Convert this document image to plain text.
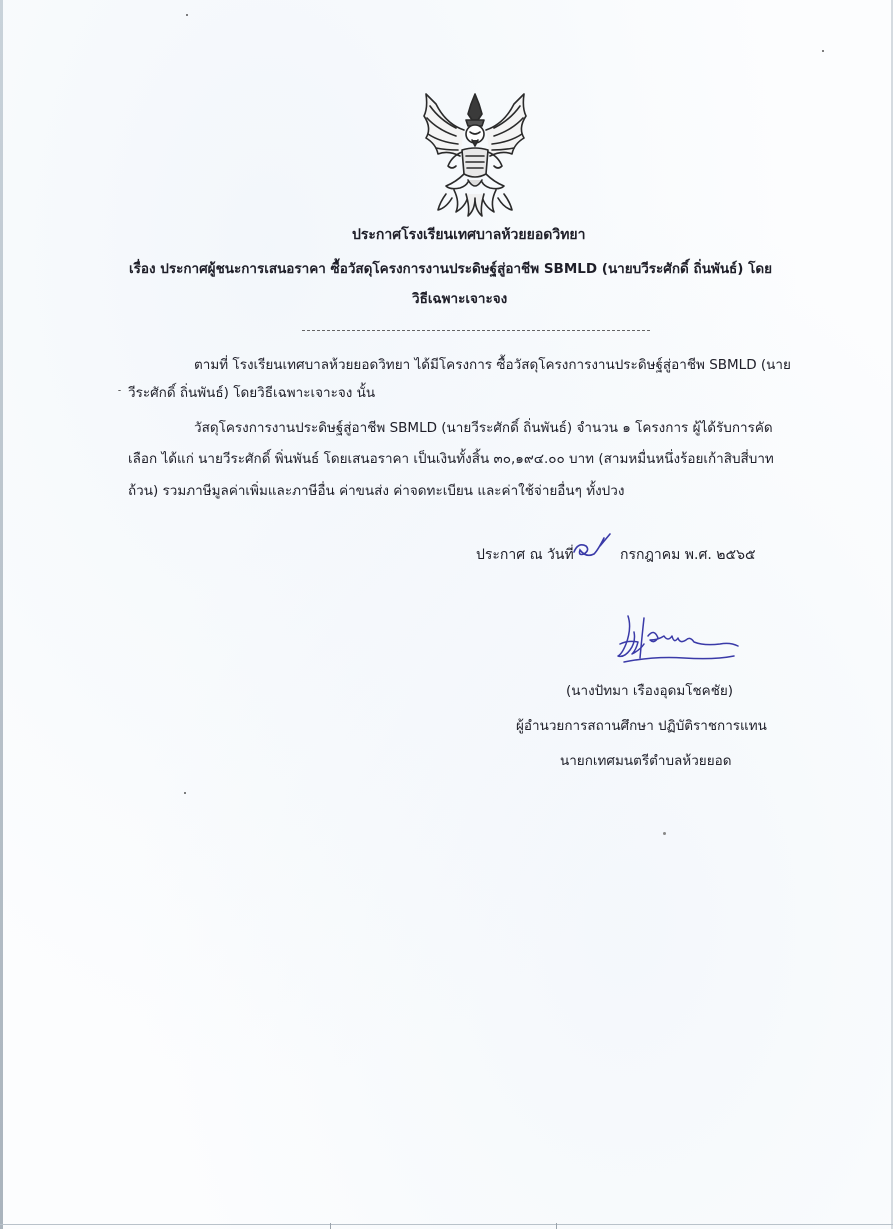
ประกาศโรงเรียนเทศบาลห้วยยอดวิทยา
เรื่อง ประกาศผู้ชนะการเสนอราคา ซื้อวัสดุโครงการงานประดิษฐ์สู่อาชีพ SBMLD (นายบวีระศักดิ์ ถิ่นพันธ์) โดย
วิธีเฉพาะเจาะจง
ตามที่ โรงเรียนเทศบาลห้วยยอดวิทยา ได้มีโครงการ ซื้อวัสดุโครงการงานประดิษฐ์สู่อาชีพ SBMLD (นาย
วีระศักดิ์ ถิ่นพันธ์) โดยวิธีเฉพาะเจาะจง นั้น
วัสดุโครงการงานประดิษฐ์สู่อาชีพ SBMLD (นายวีระศักดิ์ ถิ่นพันธ์) จำนวน ๑ โครงการ ผู้ได้รับการคัด
เลือก ได้แก่ นายวีระศักดิ์ พิ่นพันธ์ โดยเสนอราคา เป็นเงินทั้งสิ้น ๓๐,๑๙๔.๐๐ บาท (สามหมื่นหนึ่งร้อยเก้าสิบสี่บาท
ถ้วน) รวมภาษีมูลค่าเพิ่มและภาษีอื่น ค่าขนส่ง ค่าจดทะเบียน และค่าใช้จ่ายอื่นๆ ทั้งปวง
ประกาศ ณ วันที่	กรกฎาคม พ.ศ. ๒๕๖๕
(นางปัทมา เรืองอุดมโชคชัย)
ผู้อำนวยการสถานศึกษา ปฏิบัติราชการแทน
นายกเทศมนตรีตำบลห้วยยอด
